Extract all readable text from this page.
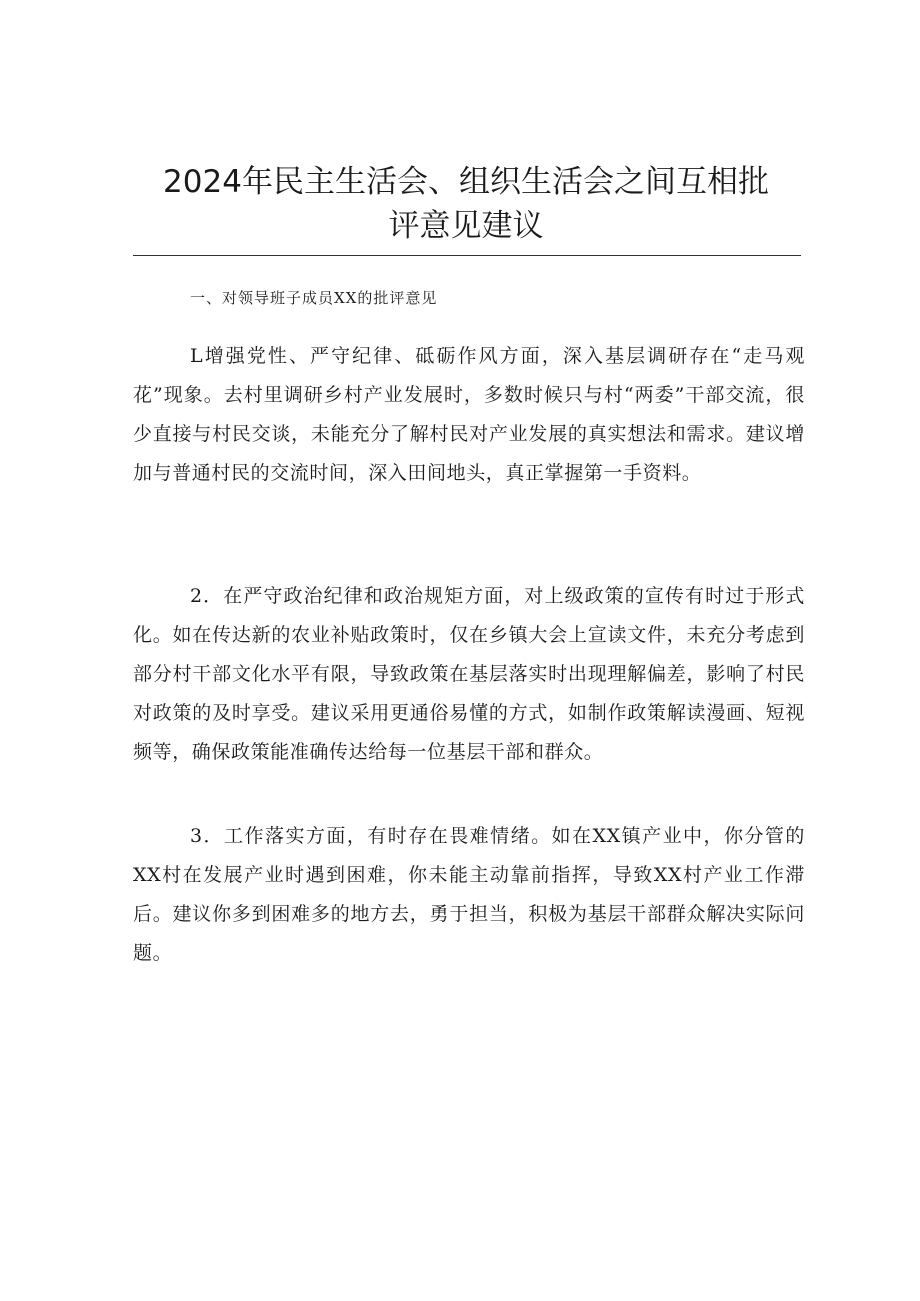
2024年民主生活会、组织生活会之间互相批
评意见建议
一、对领导班子成员XX的批评意见
L增强党性、严守纪律、砥砺作风方面，深入基层调研存在“走马观花”现象。去村里调研乡村产业发展时，多数时候只与村“两委”干部交流，很少直接与村民交谈，未能充分了解村民对产业发展的真实想法和需求。建议增加与普通村民的交流时间，深入田间地头，真正掌握第一手资料。
2．在严守政治纪律和政治规矩方面，对上级政策的宣传有时过于形式化。如在传达新的农业补贴政策时，仅在乡镇大会上宣读文件，未充分考虑到部分村干部文化水平有限，导致政策在基层落实时出现理解偏差，影响了村民对政策的及时享受。建议采用更通俗易懂的方式，如制作政策解读漫画、短视频等，确保政策能准确传达给每一位基层干部和群众。
3．工作落实方面，有时存在畏难情绪。如在XX镇产业中，你分管的XX村在发展产业时遇到困难，你未能主动靠前指挥，导致XX村产业工作滞后。建议你多到困难多的地方去，勇于担当，积极为基层干部群众解决实际问题。
